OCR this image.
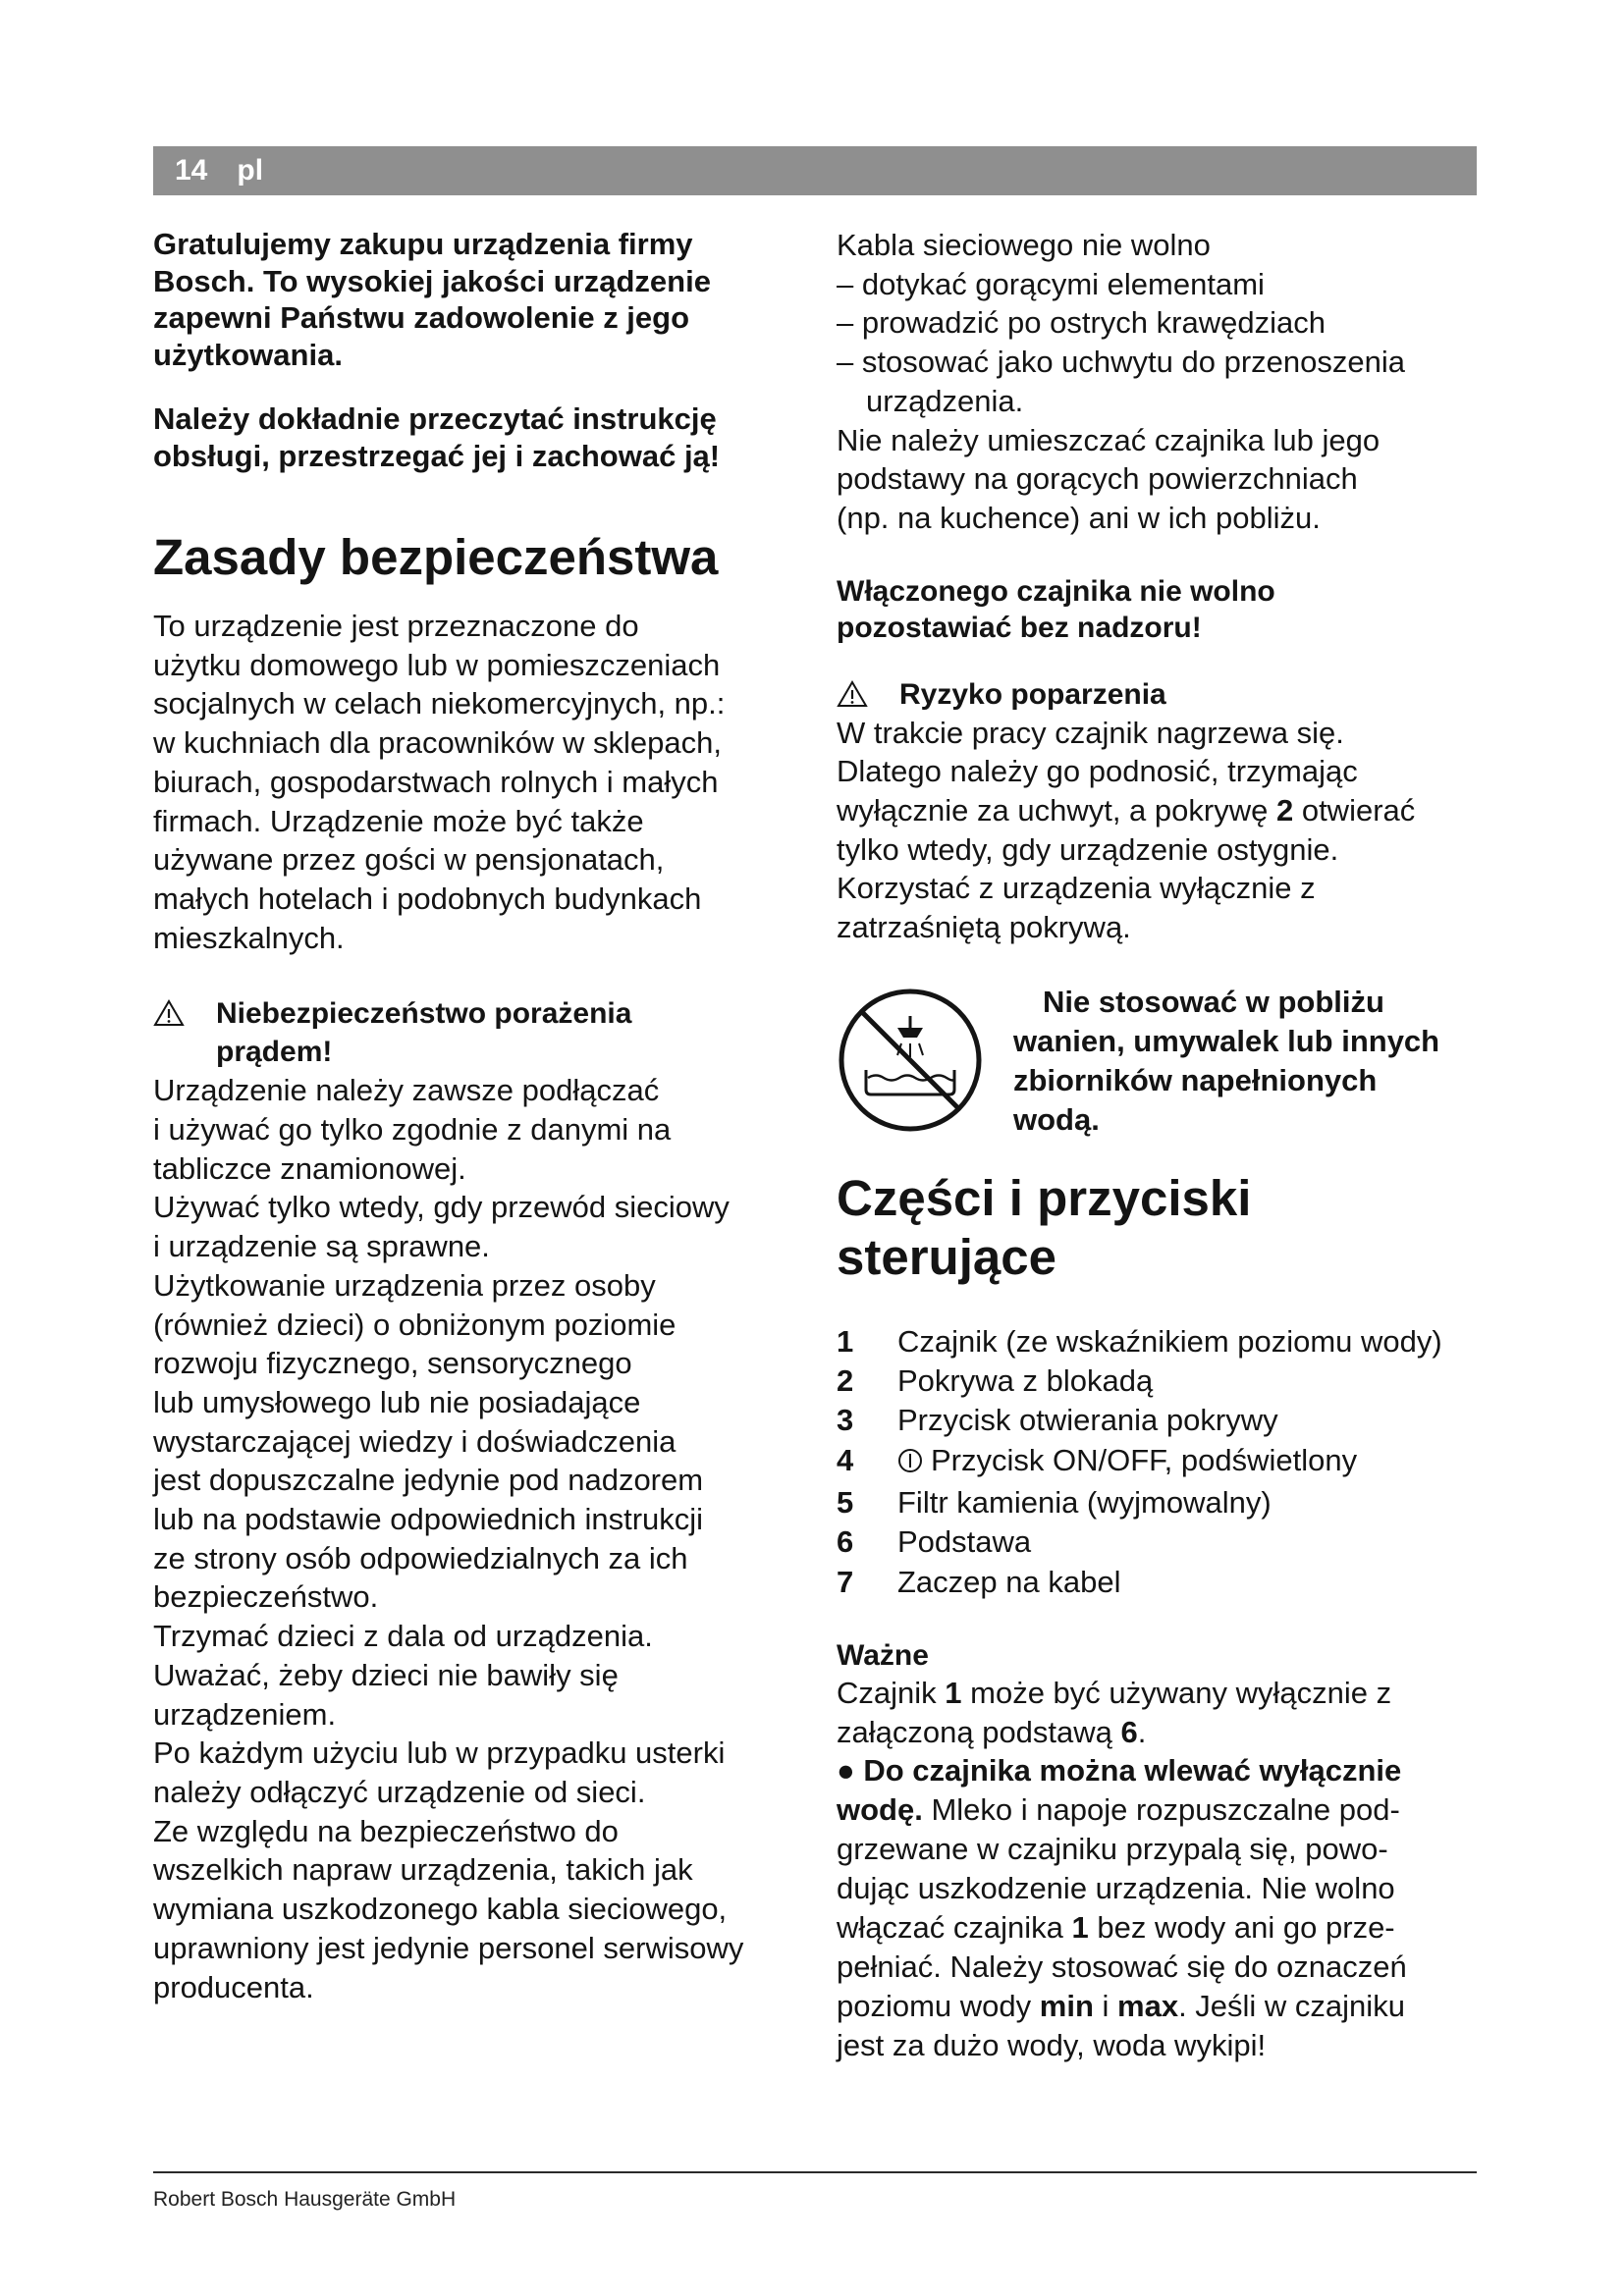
14 pl
Gratulujemy zakupu urządzenia firmy
Bosch. To wysokiej jakości urządzenie
zapewni Państwu zadowolenie z jego
użytkowania.
Należy dokładnie przeczytać instrukcję
obsługi, przestrzegać jej i zachować ją!
Zasady bezpieczeństwa
To urządzenie jest przeznaczone do
użytku domowego lub w pomieszczeniach
socjalnych w celach niekomercyjnych, np.:
w kuchniach dla pracowników w sklepach,
biurach, gospodarstwach rolnych i małych
firmach. Urządzenie może być także
używane przez gości w pensjonatach,
małych hotelach i podobnych budynkach
mieszkalnych.
Niebezpieczeństwo porażenia
prądem!
Urządzenie należy zawsze podłączać
i używać go tylko zgodnie z danymi na
tabliczce znamionowej.
Używać tylko wtedy, gdy przewód sieciowy
i urządzenie są sprawne.
Użytkowanie urządzenia przez osoby
(również dzieci) o obniżonym poziomie
rozwoju fizycznego, sensorycznego
lub umysłowego lub nie posiadające
wystarczającej wiedzy i doświadczenia
jest dopuszczalne jedynie pod nadzorem
lub na podstawie odpowiednich instrukcji
ze strony osób odpowiedzialnych za ich
bezpieczeństwo.
Trzymać dzieci z dala od urządzenia.
Uważać, żeby dzieci nie bawiły się
urządzeniem.
Po każdym użyciu lub w przypadku usterki
należy odłączyć urządzenie od sieci.
Ze względu na bezpieczeństwo do
wszelkich napraw urządzenia, takich jak
wymiana uszkodzonego kabla sieciowego,
uprawniony jest jedynie personel serwisowy
producenta.
Kabla sieciowego nie wolno
– dotykać gorącymi elementami
– prowadzić po ostrych krawędziach
– stosować jako uchwytu do przenoszenia urządzenia.
Nie należy umieszczać czajnika lub jego
podstawy na gorących powierzchniach
(np. na kuchence) ani w ich pobliżu.
Włączonego czajnika nie wolno
pozostawiać bez nadzoru!
Ryzyko poparzenia
W trakcie pracy czajnik nagrzewa się.
Dlatego należy go podnosić, trzymając
wyłącznie za uchwyt, a pokrywę 2 otwierać
tylko wtedy, gdy urządzenie ostygnie.
Korzystać z urządzenia wyłącznie z
zatrzaśniętą pokrywą.
Nie stosować w pobliżu
wanien, umywalek lub innych
zbiorników napełnionych
wodą.
Części i przyciski
sterujące
1	Czajnik (ze wskaźnikiem poziomu wody)
2	Pokrywa z blokadą
3	Przycisk otwierania pokrywy
4	Przycisk ON/OFF, podświetlony
5	Filtr kamienia (wyjmowalny)
6	Podstawa
7	Zaczep na kabel
Ważne
Czajnik 1 może być używany wyłącznie z
załączoną podstawą 6.
● Do czajnika można wlewać wyłącznie
wodę. Mleko i napoje rozpuszczalne pod-
grzewane w czajniku przypalą się, powo-
dując uszkodzenie urządzenia. Nie wolno
włączać czajnika 1 bez wody ani go prze-
pełniać. Należy stosować się do oznaczeń
poziomu wody min i max. Jeśli w czajniku
jest za dużo wody, woda wykipi!
Robert Bosch Hausgeräte GmbH
